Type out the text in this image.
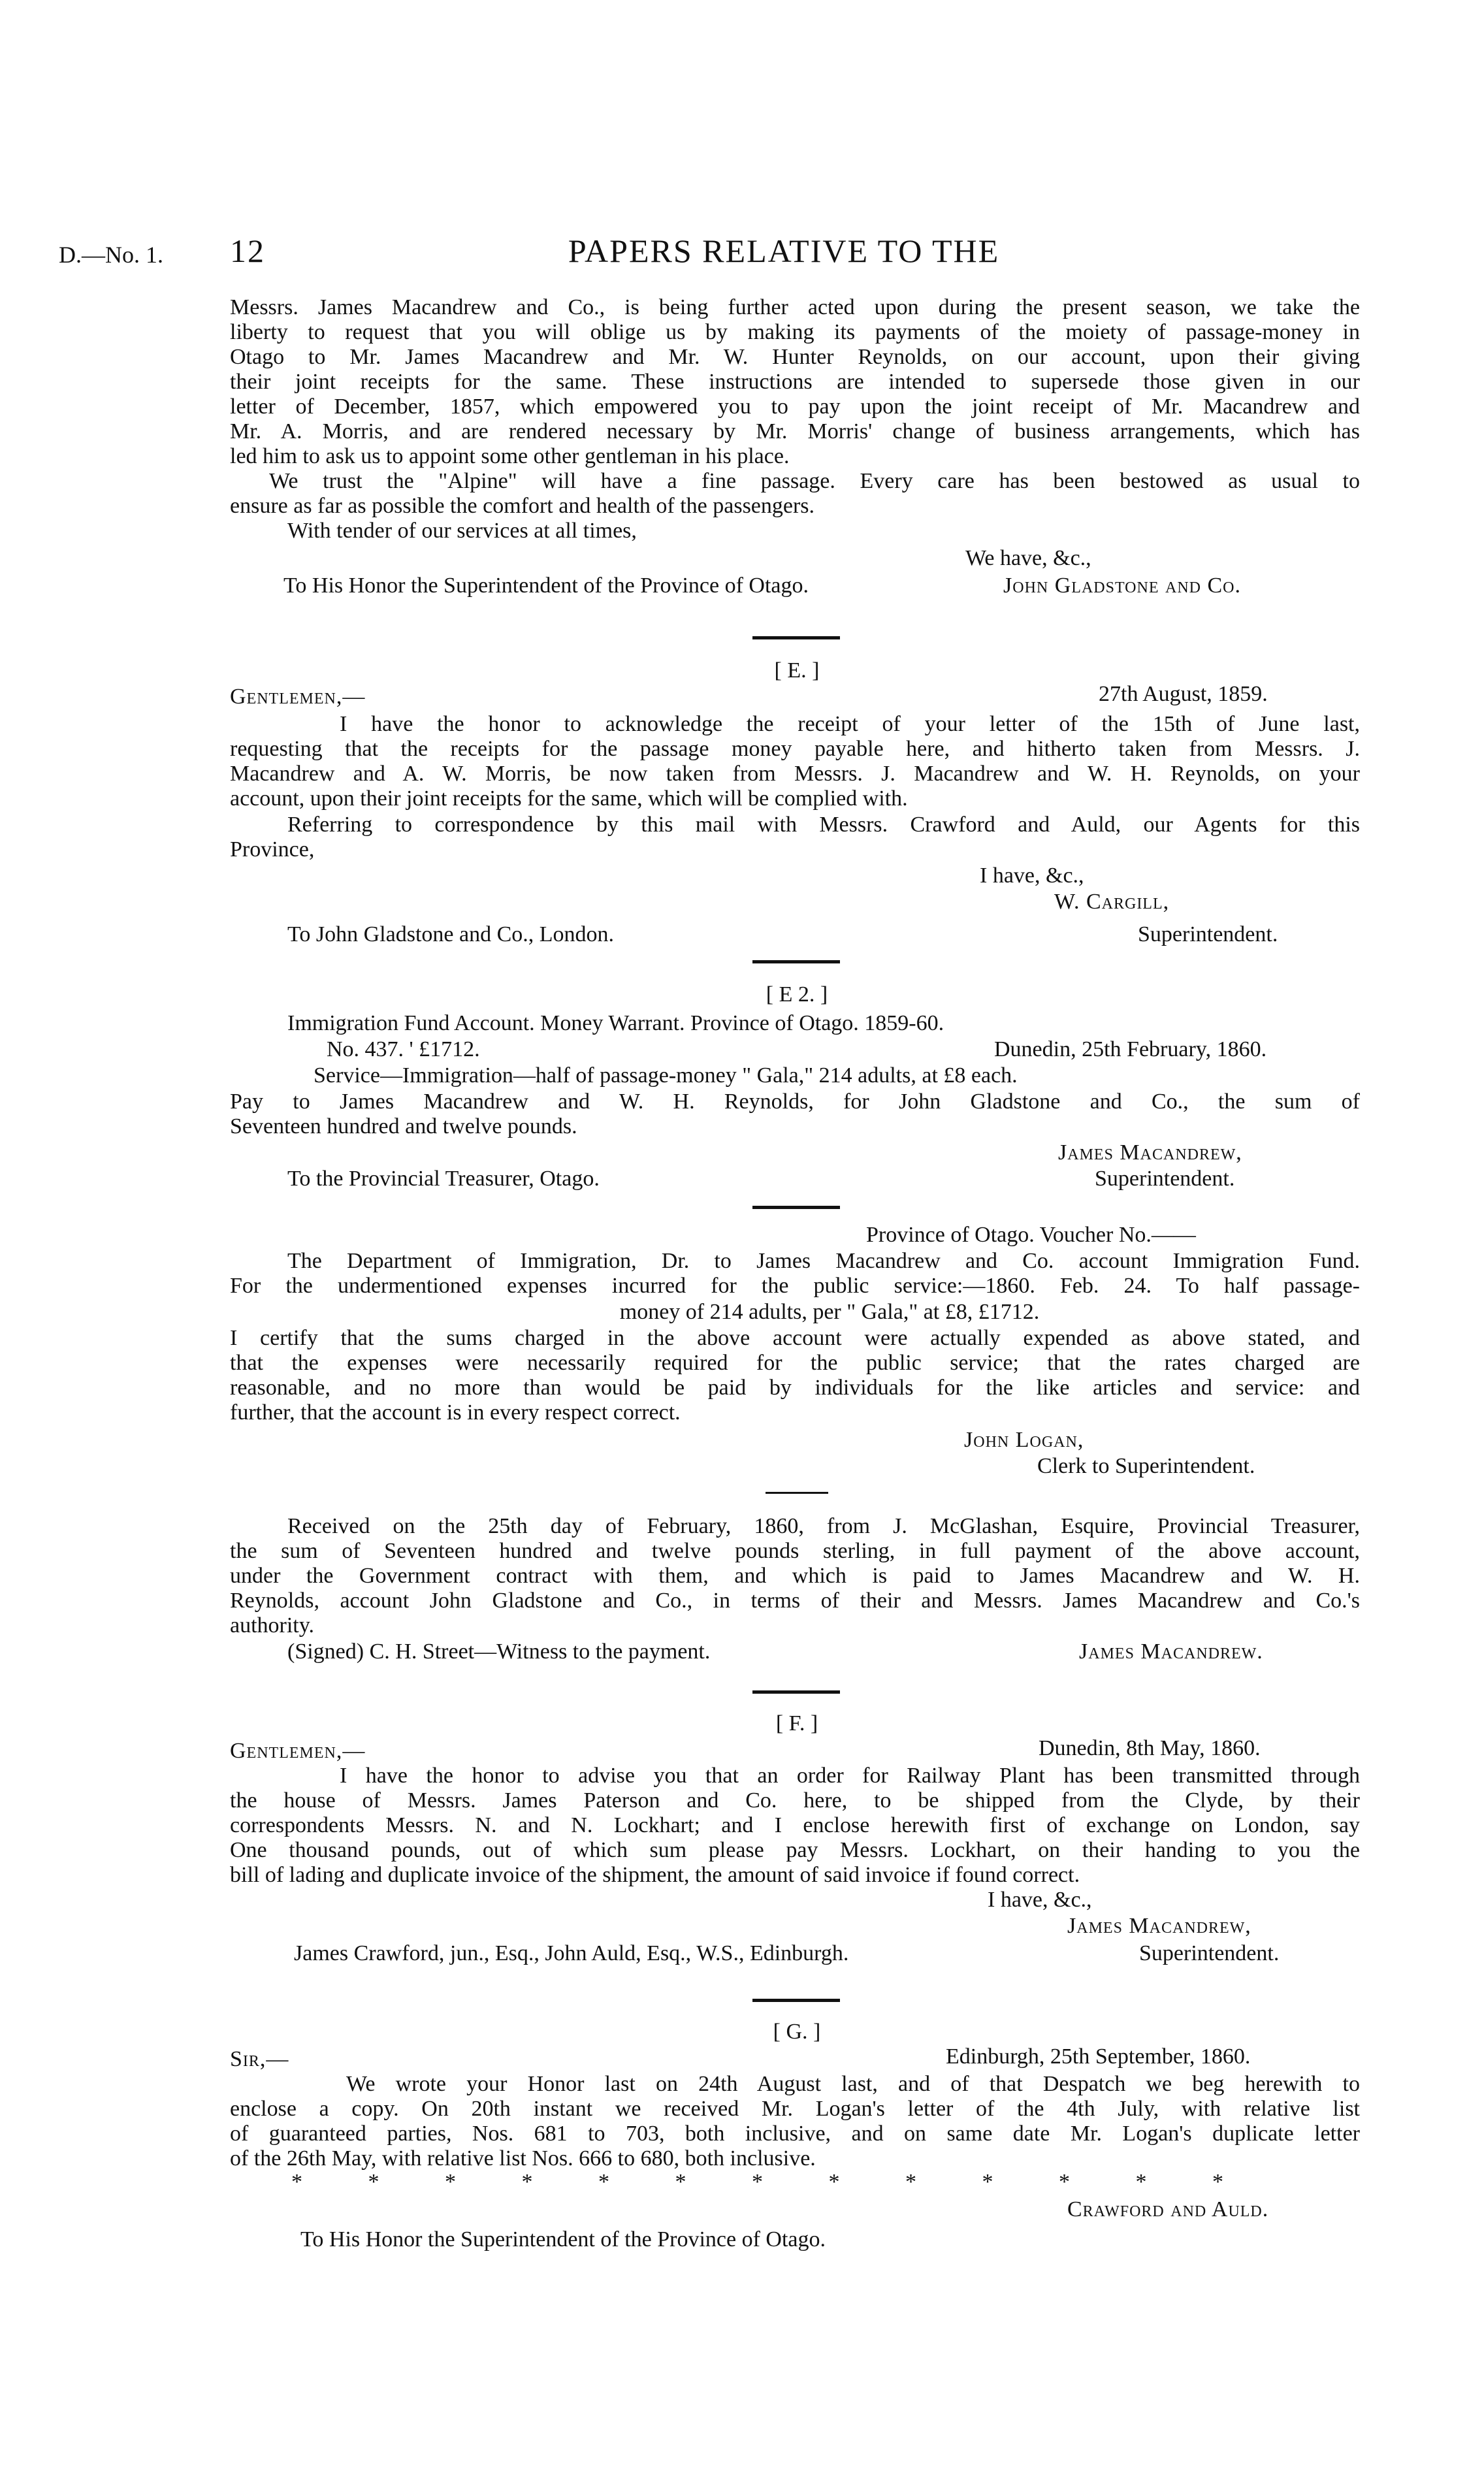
D.—No. 1. 12	PAPERS RELATIVE TO THE
Messrs. James Macandrew and Co., is being further acted upon during the present season, we take the
liberty to request that you will oblige us by making its payments of the moiety of passage-money in
Otago to Mr. James Macandrew and Mr. W. Hunter Reynolds, on our account, upon their giving
their joint receipts for the same. These instructions are intended to supersede those given in our
letter of December, 1857, which empowered you to pay upon the joint receipt of Mr. Macandrew and
Mr. A. Morris, and are rendered necessary by Mr. Morris' change of business arrangements, which has
led him to ask us to appoint some other gentleman in his place.
We trust the "Alpine" will have a fine passage. Every care has been bestowed as usual to
ensure as far as possible the comfort and health of the passengers.
With tender of our services at all times,
We have, &c.,
To His Honor the Superintendent of the Province of Otago.	John Gladstone and Co.
[ E. ]
Gentlemen,—	27th August, 1859.
I have the honor to acknowledge the receipt of your letter of the 15th of June last,
requesting that the receipts for the passage money payable here, and hitherto taken from Messrs. J.
Macandrew and A. W. Morris, be now taken from Messrs. J. Macandrew and W. H. Reynolds, on your
account, upon their joint receipts for the same, which will be complied with.
Referring to correspondence by this mail with Messrs. Crawford and Auld, our Agents for this
Province,
I have, &c.,
W. Cargill,
To John Gladstone and Co., London.	Superintendent.
[ E 2. ]
Immigration Fund Account. Money Warrant. Province of Otago. 1859-60.
No. 437. ' £1712.	Dunedin, 25th February, 1860.
Service—Immigration—half of passage-money " Gala," 214 adults, at £8 each.
Pay to James Macandrew and W. H. Reynolds, for John Gladstone and Co., the sum of
Seventeen hundred and twelve pounds.
James Macandrew,
To the Provincial Treasurer, Otago.	Superintendent.
Province of Otago. Voucher No.——
The Department of Immigration, Dr. to James Macandrew and Co. account Immigration Fund.
For the undermentioned expenses incurred for the public service:—1860. Feb. 24. To half passage-
money of 214 adults, per " Gala," at £8, £1712.
I certify that the sums charged in the above account were actually expended as above stated, and
that the expenses were necessarily required for the public service; that the rates charged are
reasonable, and no more than would be paid by individuals for the like articles and service: and
further, that the account is in every respect correct.
John Logan,
Clerk to Superintendent.
Received on the 25th day of February, 1860, from J. McGlashan, Esquire, Provincial Treasurer,
the sum of Seventeen hundred and twelve pounds sterling, in full payment of the above account,
under the Government contract with them, and which is paid to James Macandrew and W. H.
Reynolds, account John Gladstone and Co., in terms of their and Messrs. James Macandrew and Co.'s
authority.
(Signed) C. H. Street—Witness to the payment.	James Macandrew.
[ F. ]
Gentlemen,—	Dunedin, 8th May, 1860.
I have the honor to advise you that an order for Railway Plant has been transmitted through
the house of Messrs. James Paterson and Co. here, to be shipped from the Clyde, by their
correspondents Messrs. N. and N. Lockhart; and I enclose herewith first of exchange on London, say
One thousand pounds, out of which sum please pay Messrs. Lockhart, on their handing to you the
bill of lading and duplicate invoice of the shipment, the amount of said invoice if found correct.
I have, &c.,
James Macandrew,
James Crawford, jun., Esq., John Auld, Esq., W.S., Edinburgh.	Superintendent.
[ G. ]
Sir,—	Edinburgh, 25th September, 1860.
We wrote your Honor last on 24th August last, and of that Despatch we beg herewith to
enclose a copy. On 20th instant we received Mr. Logan's letter of the 4th July, with relative list
of guaranteed parties, Nos. 681 to 703, both inclusive, and on same date Mr. Logan's duplicate letter
of the 26th May, with relative list Nos. 666 to 680, both inclusive.
* * * * * * * * * * * * *
Crawford and Auld.
To His Honor the Superintendent of the Province of Otago.
